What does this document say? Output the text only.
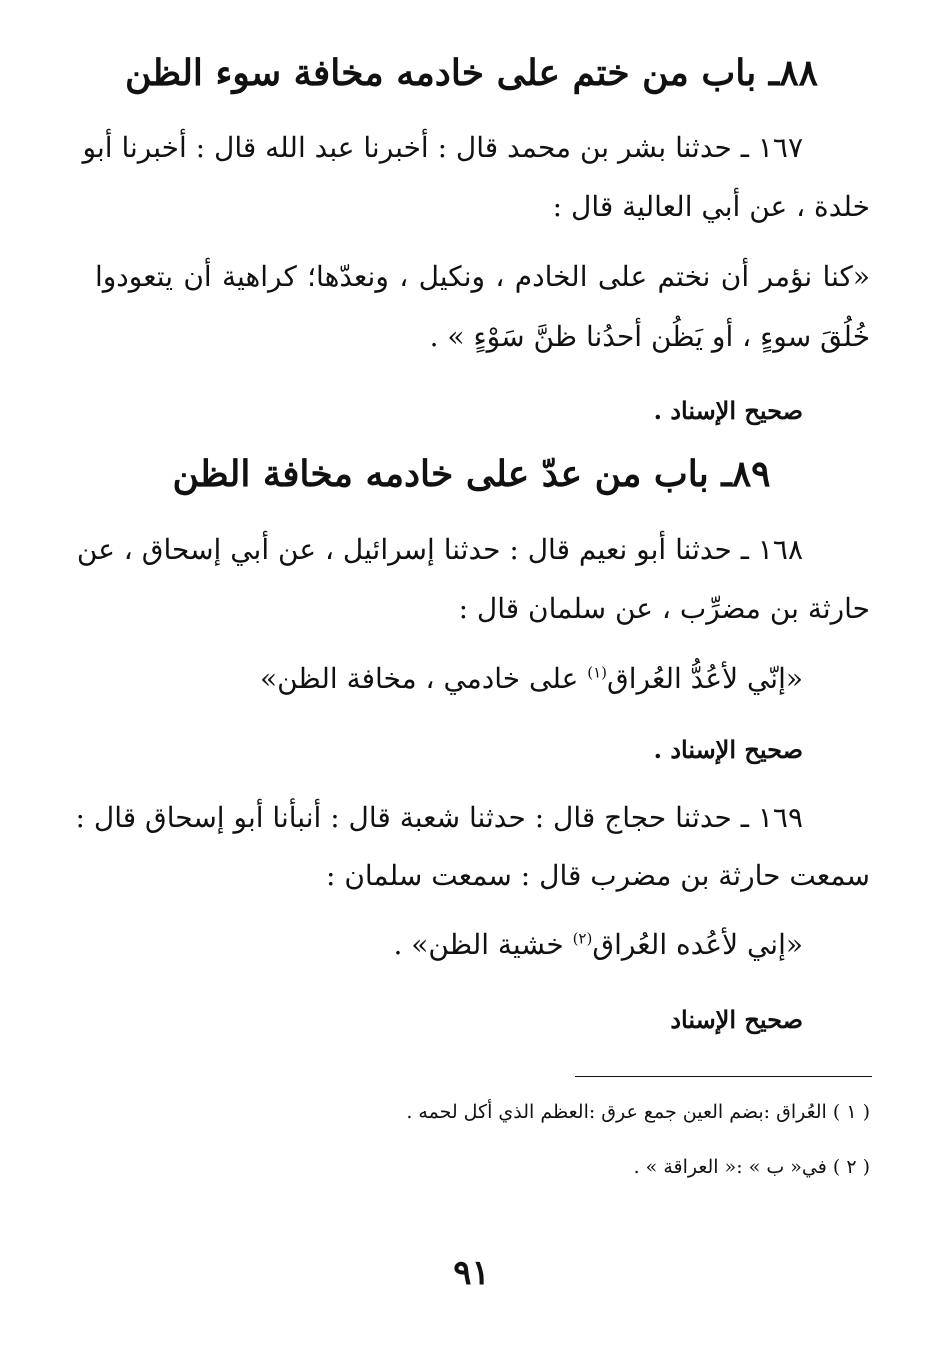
٨٨ـ باب من ختم على خادمه مخافة سوء الظن
١٦٧ ـ حدثنا بشر بن محمد قال : أخبرنا عبد الله قال : أخبرنا أبو
خلدة ، عن أبي العالية قال :
«كنا نؤمر أن نختم على الخادم ، ونكيل ، ونعدّها؛ كراهية أن يتعودوا
خُلُقَ سوءٍ ، أو يَظُن أحدُنا ظنَّ سَوْءٍ » .
صحيح الإسناد .
٨٩ـ باب من عدّ على خادمه مخافة الظن
١٦٨ ـ حدثنا أبو نعيم قال : حدثنا إسرائيل ، عن أبي إسحاق ، عن
حارثة بن مضرِّب ، عن سلمان قال :
«إنّي لأعُدُّ العُراق$^{(١)}$ على خادمي ، مخافة الظن»
صحيح الإسناد .
١٦٩ ـ حدثنا حجاج قال : حدثنا شعبة قال : أنبأنا أبو إسحاق قال :
سمعت حارثة بن مضرب قال : سمعت سلمان :
«إني لأعُده العُراق$^{(٢)}$ خشية الظن» .
صحيح الإسناد
( ١ ) العُراق :بضم العين جمع عرق :العظم الذي أكل لحمه .
( ٢ ) في« ب » :« العراقة » .
٩١
